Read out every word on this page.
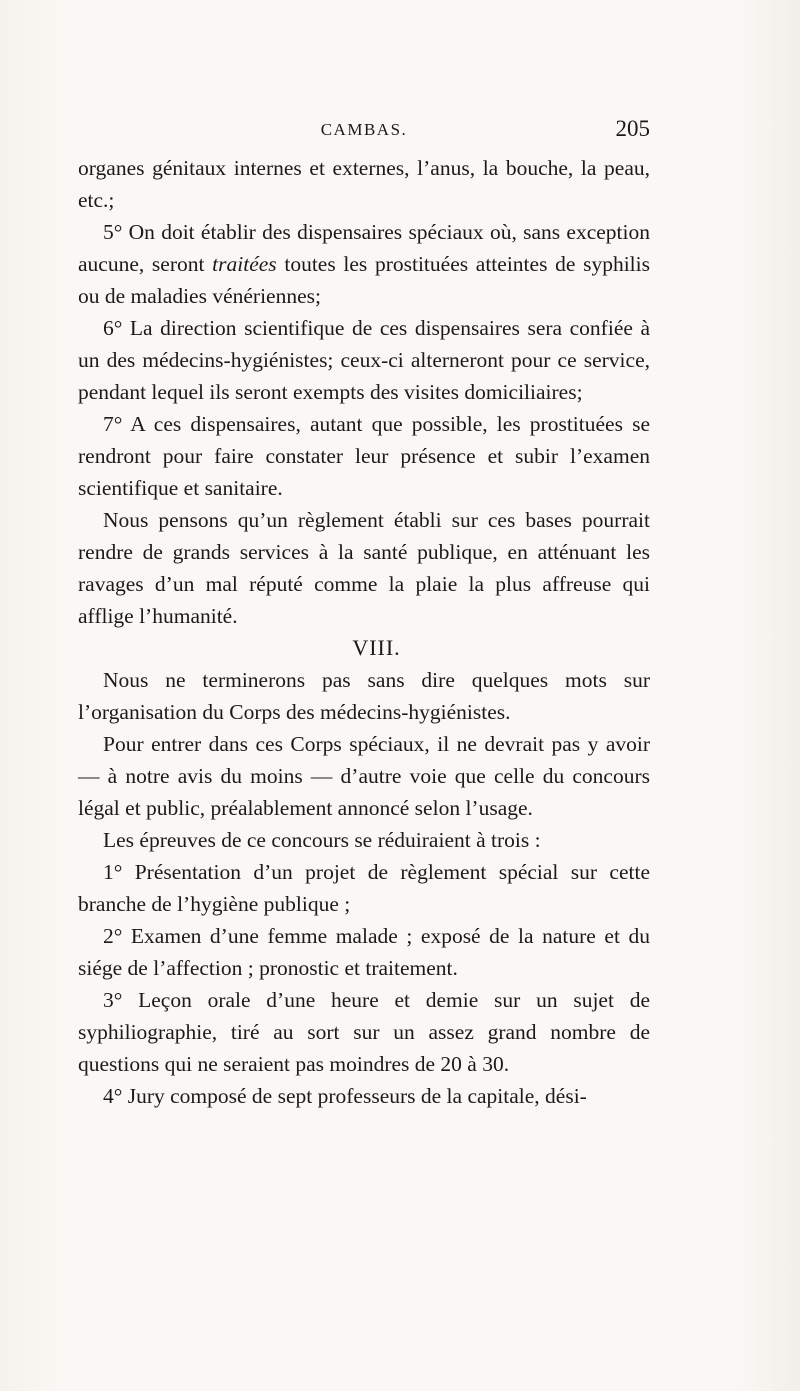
CAMBAS.	205

organes génitaux internes et externes, l’anus, la bouche, la peau, etc.;

5° On doit établir des dispensaires spéciaux où, sans exception aucune, seront traitées toutes les prostituées atteintes de syphilis ou de maladies vénériennes;

6° La direction scientifique de ces dispensaires sera confiée à un des médecins-hygiénistes; ceux-ci alterneront pour ce service, pendant lequel ils seront exempts des visites domiciliaires;

7° A ces dispensaires, autant que possible, les prostituées se rendront pour faire constater leur présence et subir l’examen scientifique et sanitaire.

Nous pensons qu’un règlement établi sur ces bases pourrait rendre de grands services à la santé publique, en atténuant les ravages d’un mal réputé comme la plaie la plus affreuse qui afflige l’humanité.

VIII.

Nous ne terminerons pas sans dire quelques mots sur l’organisation du Corps des médecins-hygiénistes.

Pour entrer dans ces Corps spéciaux, il ne devrait pas y avoir — à notre avis du moins — d’autre voie que celle du concours légal et public, préalablement annoncé selon l’usage.

Les épreuves de ce concours se réduiraient à trois :

1° Présentation d’un projet de règlement spécial sur cette branche de l’hygiène publique ;

2° Examen d’une femme malade ; exposé de la nature et du siége de l’affection ; pronostic et traitement.

3° Leçon orale d’une heure et demie sur un sujet de syphiliographie, tiré au sort sur un assez grand nombre de questions qui ne seraient pas moindres de 20 à 30.

4° Jury composé de sept professeurs de la capitale, dési-
